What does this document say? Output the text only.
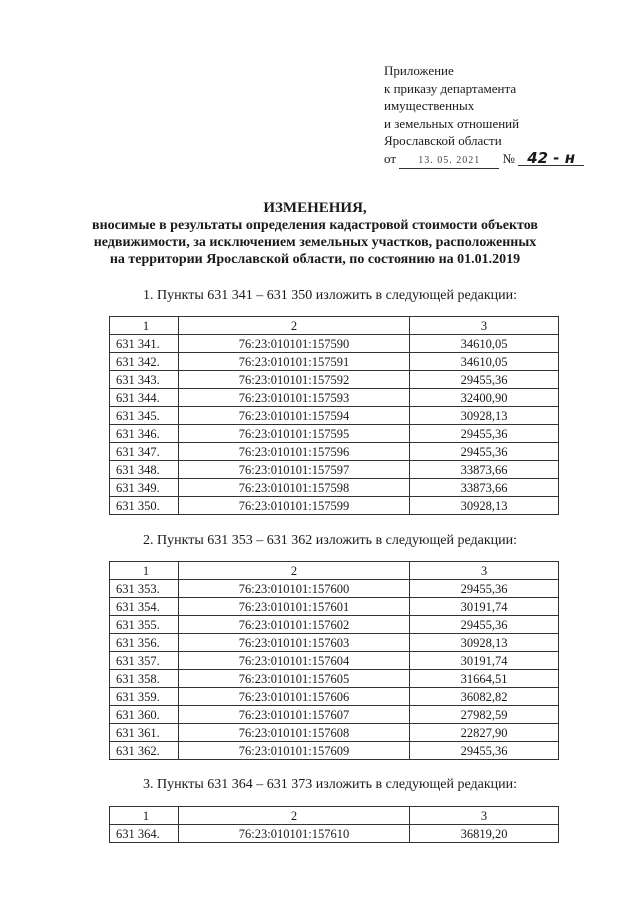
Приложение
к приказу департамента
имущественных
и земельных отношений
Ярославской области
от 13. 05. 2021 № 42 - н
ИЗМЕНЕНИЯ,
вносимые в результаты определения кадастровой стоимости объектов
недвижимости, за исключением земельных участков, расположенных
на территории Ярославской области, по состоянию на 01.01.2019
1. Пункты 631 341 – 631 350 изложить в следующей редакции:
1	2	3
631 341.	76:23:010101:157590	34610,05
631 342.	76:23:010101:157591	34610,05
631 343.	76:23:010101:157592	29455,36
631 344.	76:23:010101:157593	32400,90
631 345.	76:23:010101:157594	30928,13
631 346.	76:23:010101:157595	29455,36
631 347.	76:23:010101:157596	29455,36
631 348.	76:23:010101:157597	33873,66
631 349.	76:23:010101:157598	33873,66
631 350.	76:23:010101:157599	30928,13
2. Пункты 631 353 – 631 362 изложить в следующей редакции:
1	2	3
631 353.	76:23:010101:157600	29455,36
631 354.	76:23:010101:157601	30191,74
631 355.	76:23:010101:157602	29455,36
631 356.	76:23:010101:157603	30928,13
631 357.	76:23:010101:157604	30191,74
631 358.	76:23:010101:157605	31664,51
631 359.	76:23:010101:157606	36082,82
631 360.	76:23:010101:157607	27982,59
631 361.	76:23:010101:157608	22827,90
631 362.	76:23:010101:157609	29455,36
3. Пункты 631 364 – 631 373 изложить в следующей редакции:
1	2	3
631 364.	76:23:010101:157610	36819,20
